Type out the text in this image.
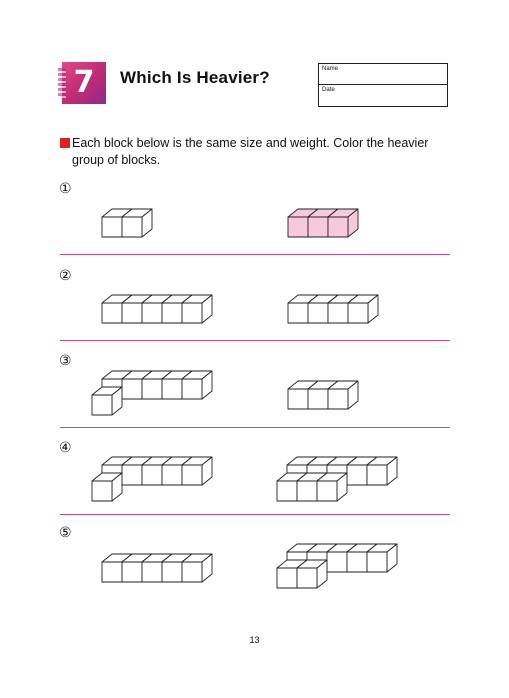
7	Which Is Heavier?	Name
Date
Each block below is the same size and weight. Color the heavier
group of blocks.
①
②
③
④
⑤
13
